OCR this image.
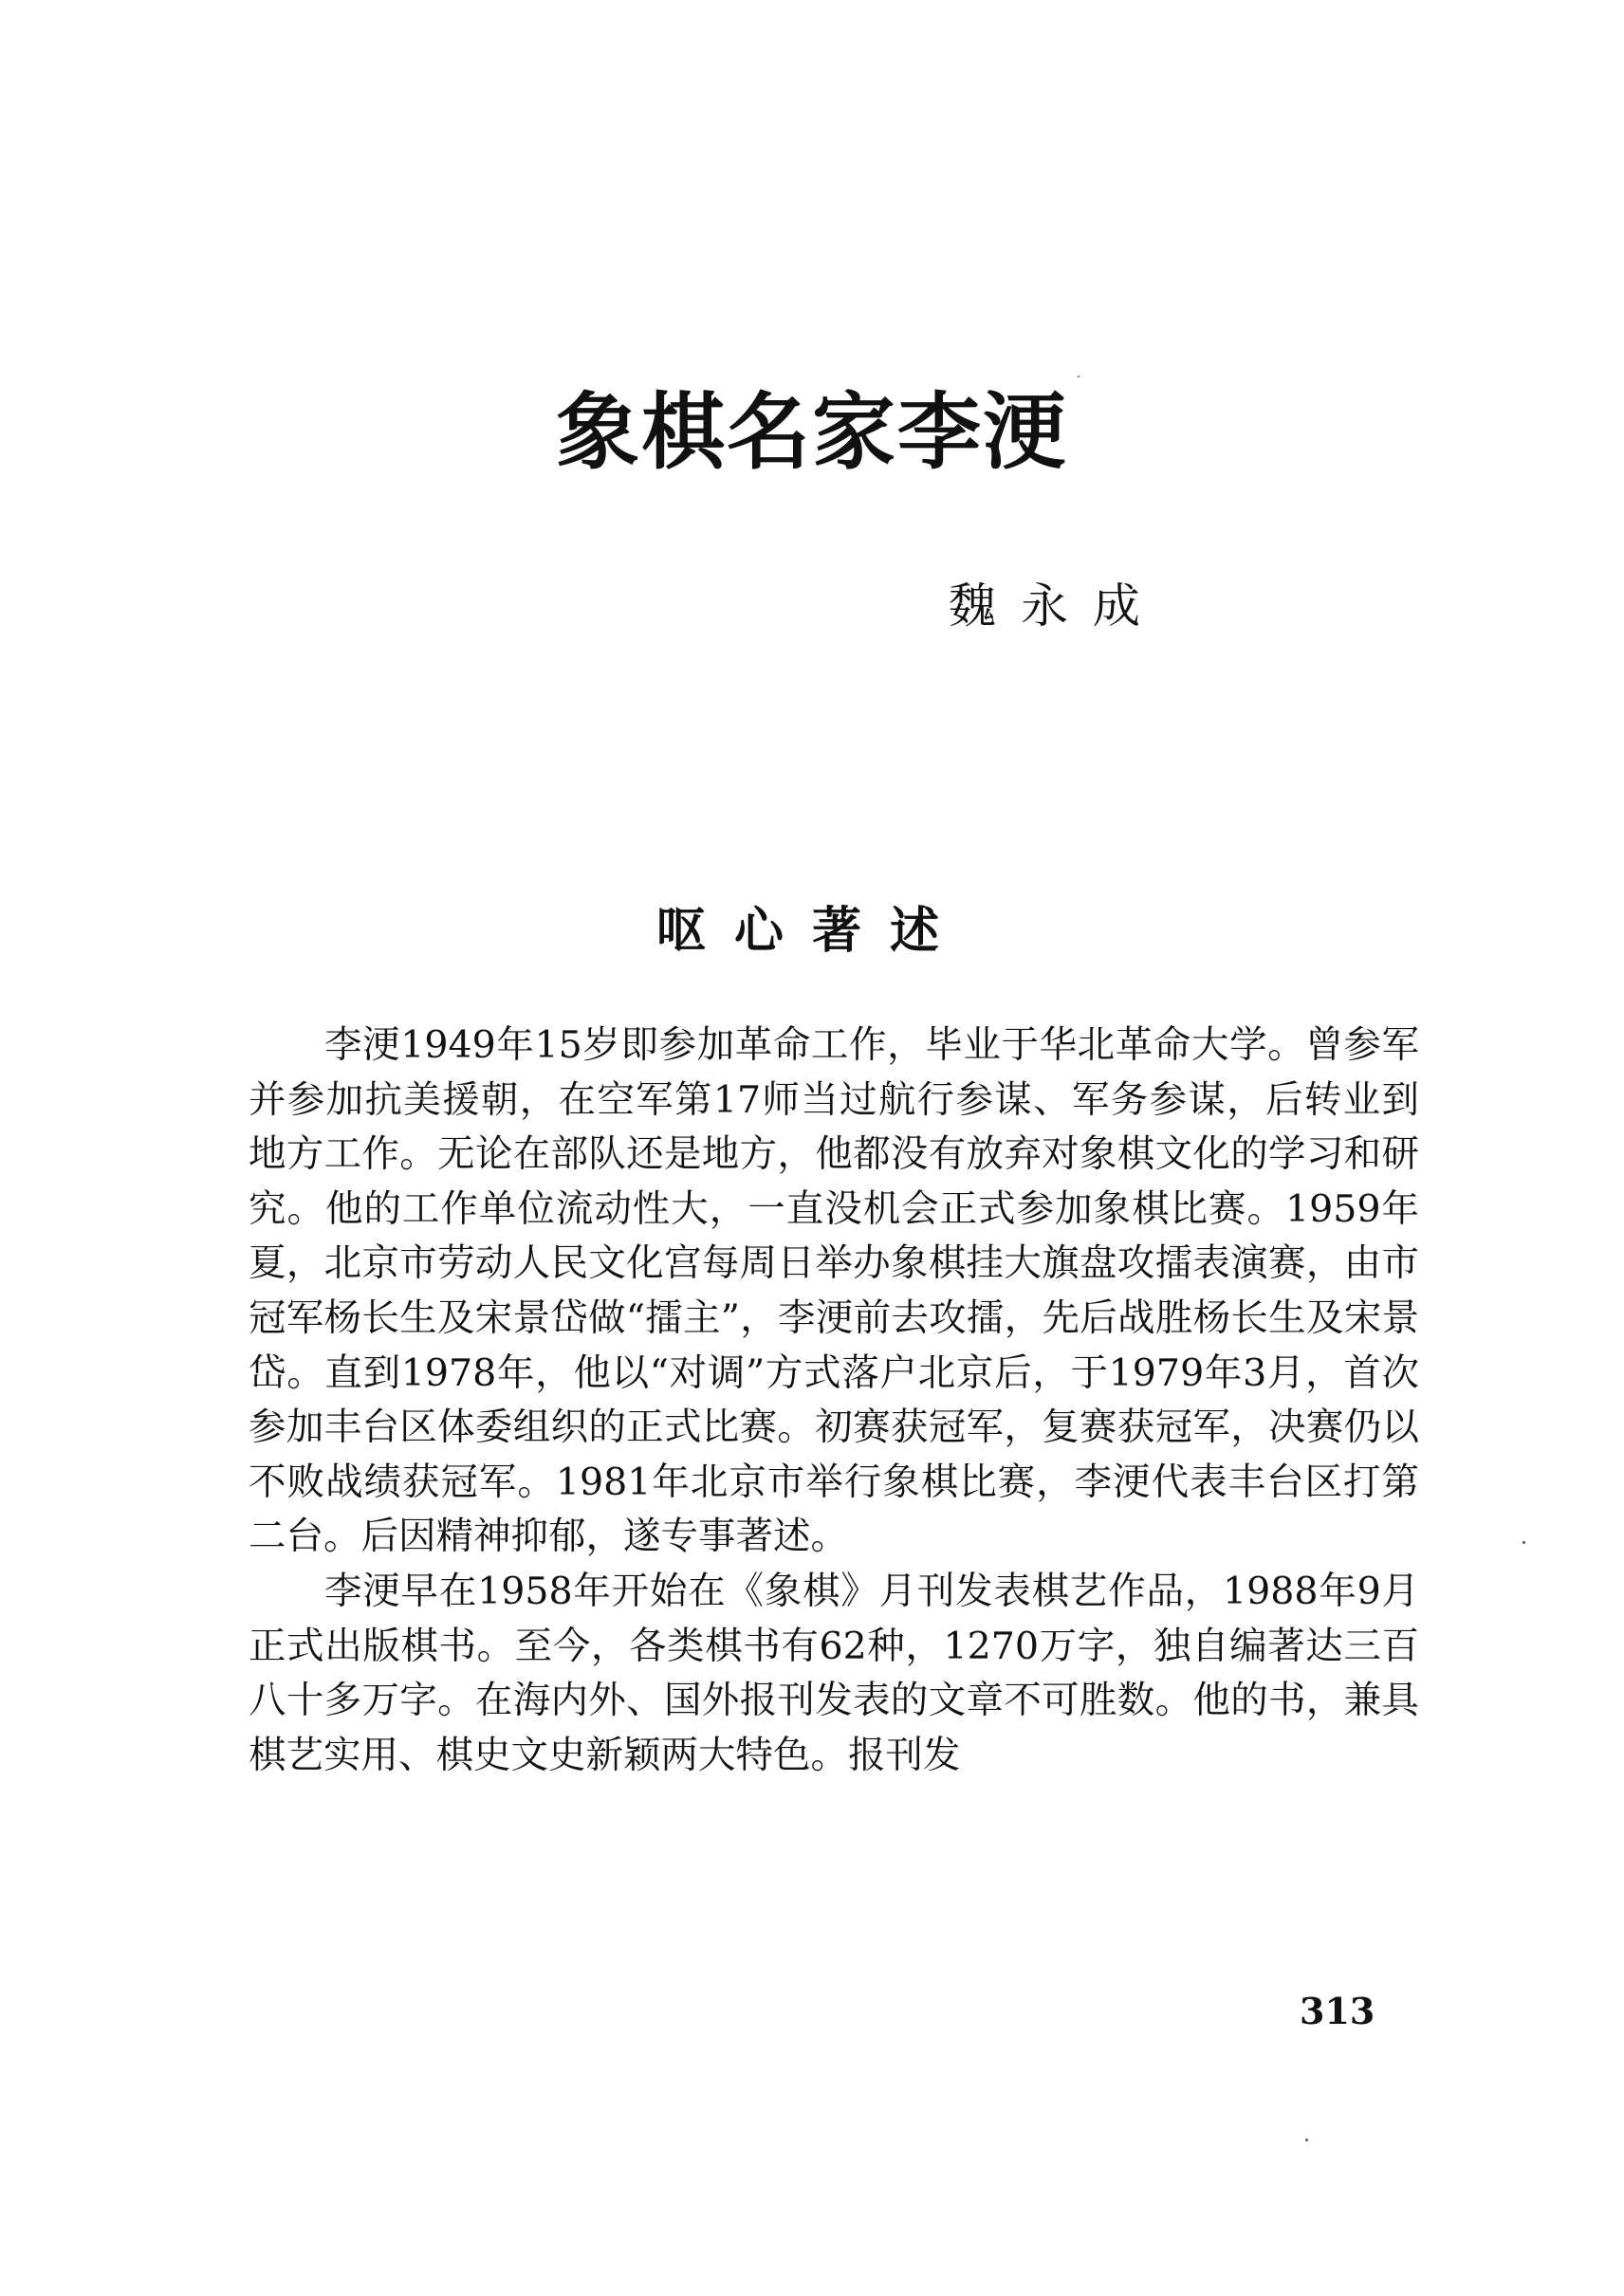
象棋名家李浭
魏永成
呕心著述

李浭1949年15岁即参加革命工作，毕业于华北革命大学。曾参军并参加抗美援朝，在空军第17师当过航行参谋、军务参谋，后转业到地方工作。无论在部队还是地方，他都没有放弃对象棋文化的学习和研究。他的工作单位流动性大，一直没机会正式参加象棋比赛。1959年夏，北京市劳动人民文化宫每周日举办象棋挂大旗盘攻擂表演赛，由市冠军杨长生及宋景岱做“擂主”，李浭前去攻擂，先后战胜杨长生及宋景岱。直到1978年，他以“对调”方式落户北京后，于1979年3月，首次参加丰台区体委组织的正式比赛。初赛获冠军，复赛获冠军，决赛仍以不败战绩获冠军。1981年北京市举行象棋比赛，李浭代表丰台区打第二台。后因精神抑郁，遂专事著述。

李浭早在1958年开始在《象棋》月刊发表棋艺作品，1988年9月正式出版棋书。至今，各类棋书有62种，1270万字，独自编著达三百八十多万字。在海内外、国外报刊发表的文章不可胜数。他的书，兼具棋艺实用、棋史文史新颖两大特色。报刊发

313
